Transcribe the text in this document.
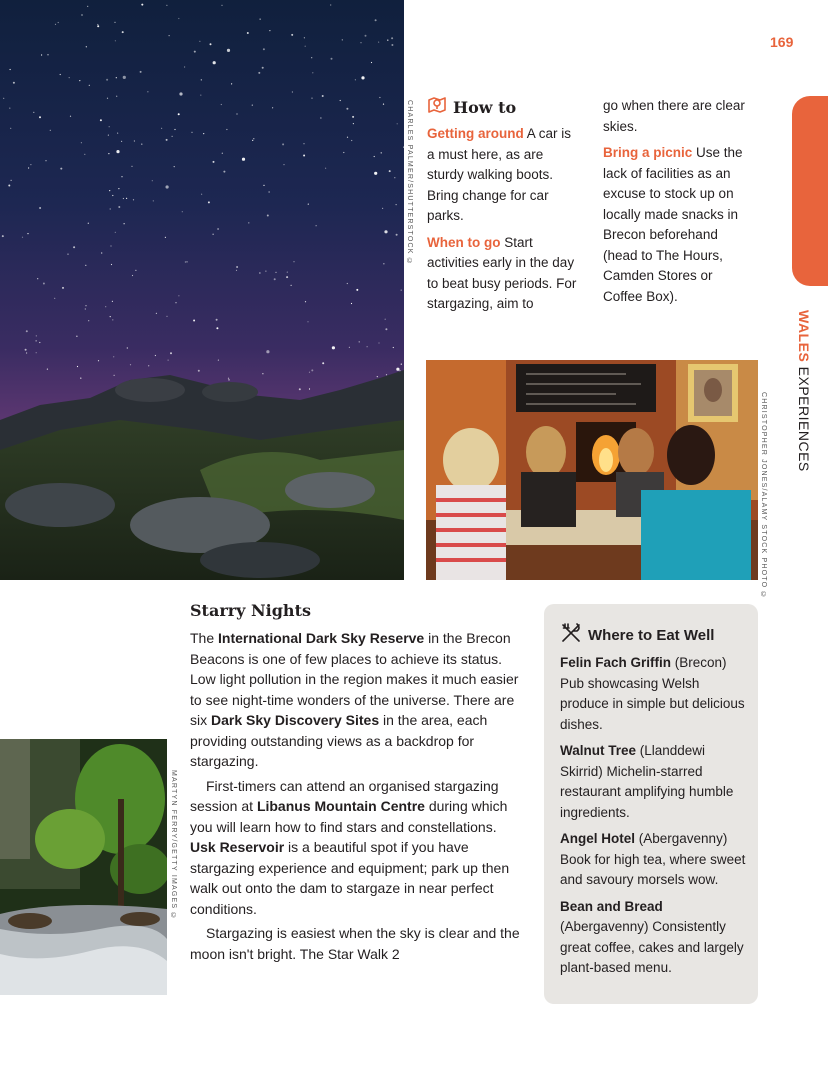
CHARLES PALMER/SHUTTERSTOCK ©
169
WALES EXPERIENCES
How to

Getting around A car is a must here, as are sturdy walking boots. Bring change for car parks.

When to go Start activities early in the day to beat busy periods. For stargazing, aim to

go when there are clear skies.

Bring a picnic Use the lack of facilities as an excuse to stock up on locally made snacks in Brecon beforehand (head to The Hours, Camden Stores or Coffee Box).

CHRISTOPHER JONES/ALAMY STOCK PHOTO ©
MARTYN FERRY/GETTY IMAGES ©
Starry Nights

The International Dark Sky Reserve in the Brecon Beacons is one of few places to achieve its status. Low light pollution in the region makes it much easier to see night-time wonders of the universe. There are six Dark Sky Discovery Sites in the area, each providing outstanding views as a backdrop for stargazing.

First-timers can attend an organised stargazing session at Libanus Mountain Centre during which you will learn how to find stars and constellations. Usk Reservoir is a beautiful spot if you have stargazing experience and equipment; park up then walk out onto the dam to stargaze in near perfect conditions.

Stargazing is easiest when the sky is clear and the moon isn't bright. The Star Walk 2

Where to Eat Well

Felin Fach Griffin (Brecon) Pub showcasing Welsh produce in simple but delicious dishes.

Walnut Tree (Llanddewi Skirrid) Michelin-starred restaurant amplifying humble ingredients.

Angel Hotel (Abergavenny) Book for high tea, where sweet and savoury morsels wow.

Bean and Bread (Abergavenny) Consistently great coffee, cakes and largely plant-based menu.
